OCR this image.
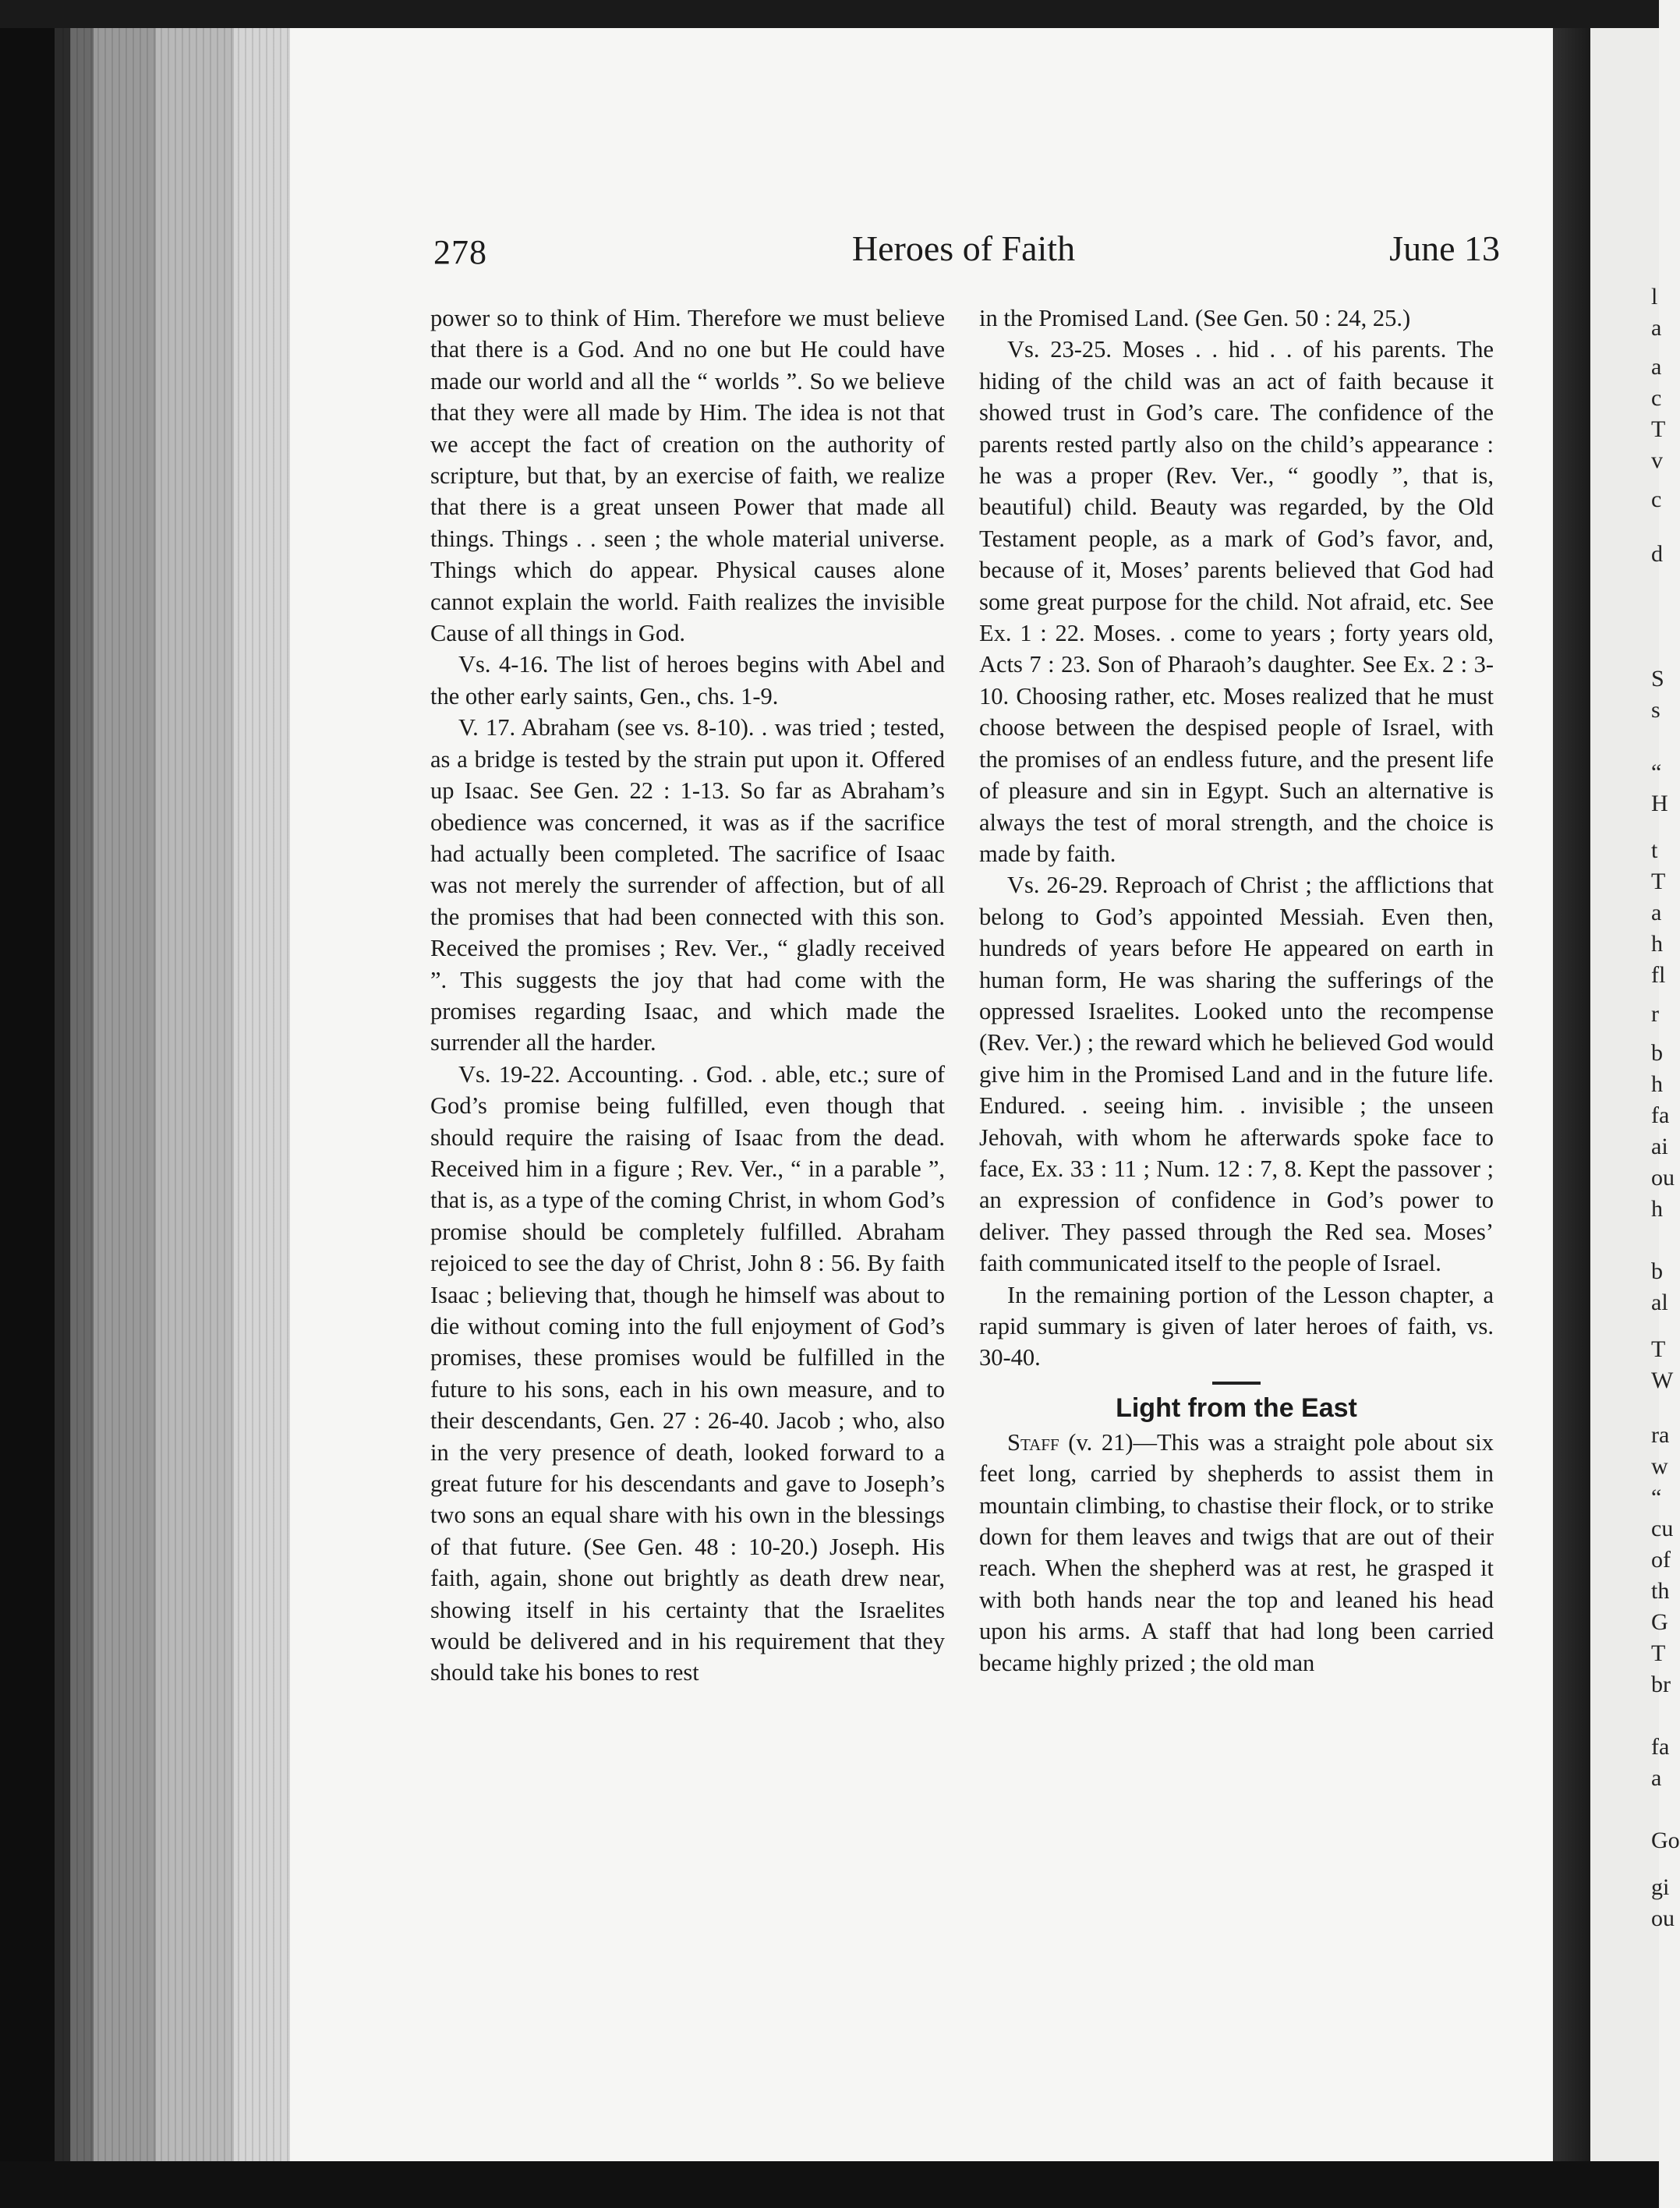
l
a
a
c
T
v
c
d
S
s
“
H
t
T
a
h
fl
r
b
h
fa
ai
ou
h
b
al
T
W
ra
w
“
cu
of
th
G
T
br
fa
a
Go
gi
ou
278	Heroes of Faith	June 13

power so to think of Him. Therefore we must believe that there is a God. And no one but He could have made our world and all the “ worlds ”. So we believe that they were all made by Him. The idea is not that we accept the fact of creation on the authority of scripture, but that, by an exercise of faith, we realize that there is a great unseen Power that made all things. Things . . seen ; the whole material universe. Things which do appear. Physical causes alone cannot explain the world. Faith realizes the invisible Cause of all things in God.

Vs. 4-16. The list of heroes begins with Abel and the other early saints, Gen., chs. 1-9.

V. 17. Abraham (see vs. 8-10). . was tried ; tested, as a bridge is tested by the strain put upon it. Offered up Isaac. See Gen. 22 : 1-13. So far as Abraham’s obedience was concerned, it was as if the sacrifice had actually been completed. The sacrifice of Isaac was not merely the surrender of affection, but of all the promises that had been connected with this son. Received the promises ; Rev. Ver., “ gladly received ”. This suggests the joy that had come with the promises regarding Isaac, and which made the surrender all the harder.

Vs. 19-22. Accounting. . God. . able, etc.; sure of God’s promise being fulfilled, even though that should require the raising of Isaac from the dead. Received him in a figure ; Rev. Ver., “ in a parable ”, that is, as a type of the coming Christ, in whom God’s promise should be completely fulfilled. Abraham rejoiced to see the day of Christ, John 8 : 56. By faith Isaac ; believing that, though he himself was about to die without coming into the full enjoyment of God’s promises, these promises would be fulfilled in the future to his sons, each in his own measure, and to their descendants, Gen. 27 : 26-40. Jacob ; who, also in the very presence of death, looked forward to a great future for his descendants and gave to Joseph’s two sons an equal share with his own in the blessings of that future. (See Gen. 48 : 10-20.) Joseph. His faith, again, shone out brightly as death drew near, showing itself in his certainty that the Israelites would be delivered and in his requirement that they should take his bones to rest

in the Promised Land. (See Gen. 50 : 24, 25.)

Vs. 23-25. Moses . . hid . . of his parents. The hiding of the child was an act of faith because it showed trust in God’s care. The confidence of the parents rested partly also on the child’s appearance : he was a proper (Rev. Ver., “ goodly ”, that is, beautiful) child. Beauty was regarded, by the Old Testament people, as a mark of God’s favor, and, because of it, Moses’ parents believed that God had some great purpose for the child. Not afraid, etc. See Ex. 1 : 22. Moses. . come to years ; forty years old, Acts 7 : 23. Son of Pharaoh’s daughter. See Ex. 2 : 3-10. Choosing rather, etc. Moses realized that he must choose between the despised people of Israel, with the promises of an endless future, and the present life of pleasure and sin in Egypt. Such an alternative is always the test of moral strength, and the choice is made by faith.

Vs. 26-29. Reproach of Christ ; the afflictions that belong to God’s appointed Messiah. Even then, hundreds of years before He appeared on earth in human form, He was sharing the sufferings of the oppressed Israelites. Looked unto the recompense (Rev. Ver.) ; the reward which he believed God would give him in the Promised Land and in the future life. Endured. . seeing him. . invisible ; the unseen Jehovah, with whom he afterwards spoke face to face, Ex. 33 : 11 ; Num. 12 : 7, 8. Kept the passover ; an expression of confidence in God’s power to deliver. They passed through the Red sea. Moses’ faith communicated itself to the people of Israel.

In the remaining portion of the Lesson chapter, a rapid summary is given of later heroes of faith, vs. 30-40.

Light from the East

Staff (v. 21)—This was a straight pole about six feet long, carried by shepherds to assist them in mountain climbing, to chastise their flock, or to strike down for them leaves and twigs that are out of their reach. When the shepherd was at rest, he grasped it with both hands near the top and leaned his head upon his arms. A staff that had long been carried became highly prized ; the old man
